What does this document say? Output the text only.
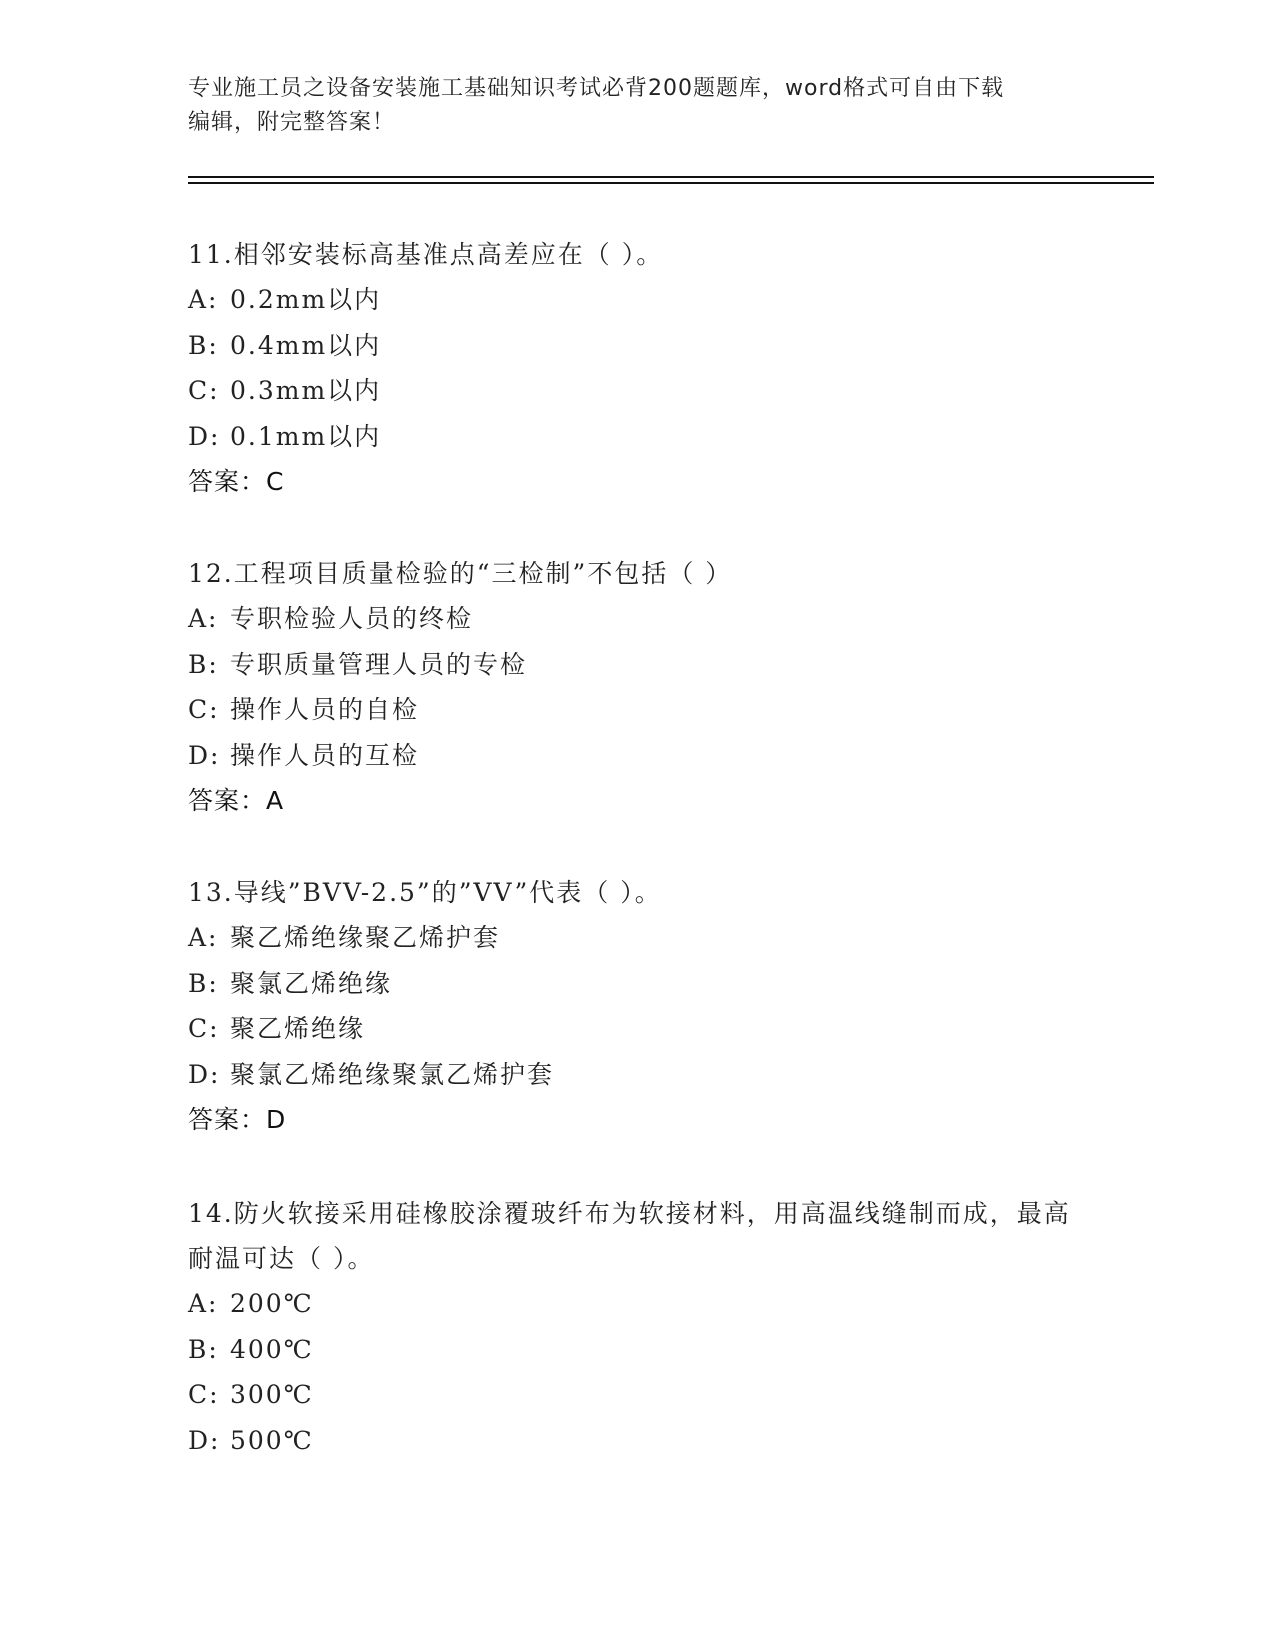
专业施工员之设备安装施工基础知识考试必背200题题库，word格式可自由下载
编辑，附完整答案！

11.相邻安装标高基准点高差应在（ ）。

A: 0.2mm以内

B: 0.4mm以内

C: 0.3mm以内

D: 0.1mm以内

答案：C

12.工程项目质量检验的“三检制”不包括（ ）

A: 专职检验人员的终检

B: 专职质量管理人员的专检

C: 操作人员的自检

D: 操作人员的互检

答案：A

13.导线”BVV-2.5”的”VV”代表（ ）。

A: 聚乙烯绝缘聚乙烯护套

B: 聚氯乙烯绝缘

C: 聚乙烯绝缘

D: 聚氯乙烯绝缘聚氯乙烯护套

答案：D

14.防火软接采用硅橡胶涂覆玻纤布为软接材料，用高温线缝制而成，最高耐温可达（ ）。

A: 200℃

B: 400℃

C: 300℃

D: 500℃
